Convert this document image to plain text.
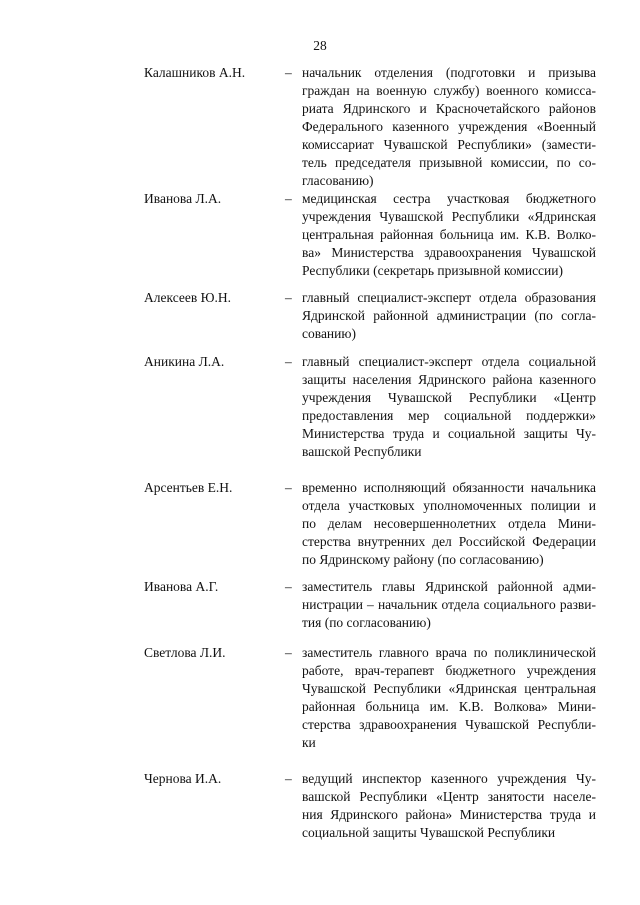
28
Калашников А.Н.	– начальник отделения (подготовки и призыва
граждан на военную службу) военного комисса-
риата Ядринского и Красночетайского районов
Федерального казенного учреждения «Военный
комиссариат Чувашской Республики» (замести-
тель председателя призывной комиссии, по со-
гласованию)
Иванова Л.А.	– медицинская сестра участковая бюджетного
учреждения Чувашской Республики «Ядринская
центральная районная больница им. К.В. Волко-
ва» Министерства здравоохранения Чувашской
Республики (секретарь призывной комиссии)
Алексеев Ю.Н.	– главный специалист-эксперт отдела образования
Ядринской районной администрации (по согла-
сованию)
Аникина Л.А.	– главный специалист-эксперт отдела социальной
защиты населения Ядринского района казенного
учреждения Чувашской Республики «Центр
предоставления мер социальной поддержки»
Министерства труда и социальной защиты Чу-
вашской Республики
Арсентьев Е.Н.	– временно исполняющий обязанности начальника
отдела участковых уполномоченных полиции и
по делам несовершеннолетних отдела Мини-
стерства внутренних дел Российской Федерации
по Ядринскому району (по согласованию)
Иванова А.Г.	– заместитель главы Ядринской районной адми-
нистрации – начальник отдела социального разви-
тия (по согласованию)
Светлова Л.И.	– заместитель главного врача по поликлинической
работе, врач-терапевт бюджетного учреждения
Чувашской Республики «Ядринская центральная
районная больница им. К.В. Волкова» Мини-
стерства здравоохранения Чувашской Республи-
ки
Чернова И.А.	– ведущий инспектор казенного учреждения Чу-
вашской Республики «Центр занятости населе-
ния Ядринского района» Министерства труда и
социальной защиты Чувашской Республики
